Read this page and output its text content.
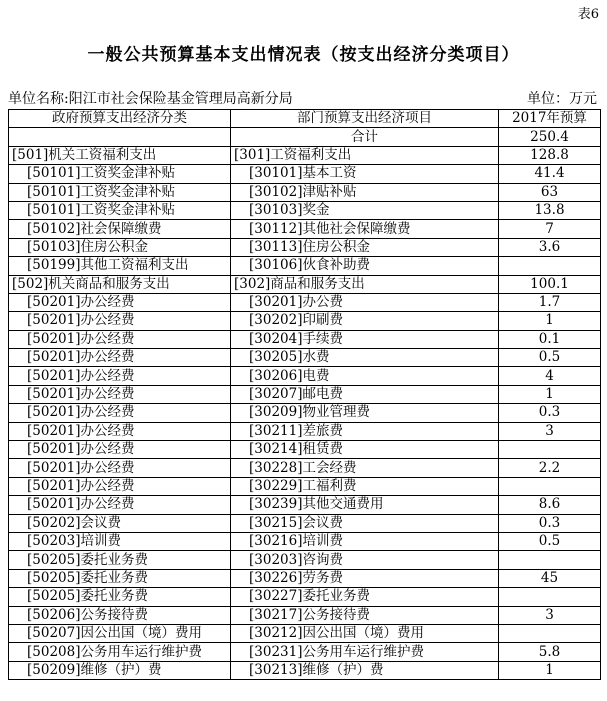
表6
一般公共预算基本支出情况表（按支出经济分类项目）
单位名称:阳江市社会保险基金管理局高新分局	单位：万元
政府预算支出经济分类	部门预算支出经济项目	2017年预算
	合计	250.4
[501]机关工资福利支出	[301]工资福利支出	128.8
[50101]工资奖金津补贴	[30101]基本工资	41.4
[50101]工资奖金津补贴	[30102]津贴补贴	63
[50101]工资奖金津补贴	[30103]奖金	13.8
[50102]社会保障缴费	[30112]其他社会保障缴费	7
[50103]住房公积金	[30113]住房公积金	3.6
[50199]其他工资福利支出	[30106]伙食补助费	
[502]机关商品和服务支出	[302]商品和服务支出	100.1
[50201]办公经费	[30201]办公费	1.7
[50201]办公经费	[30202]印刷费	1
[50201]办公经费	[30204]手续费	0.1
[50201]办公经费	[30205]水费	0.5
[50201]办公经费	[30206]电费	4
[50201]办公经费	[30207]邮电费	1
[50201]办公经费	[30209]物业管理费	0.3
[50201]办公经费	[30211]差旅费	3
[50201]办公经费	[30214]租赁费	
[50201]办公经费	[30228]工会经费	2.2
[50201]办公经费	[30229]工福利费	
[50201]办公经费	[30239]其他交通费用	8.6
[50202]会议费	[30215]会议费	0.3
[50203]培训费	[30216]培训费	0.5
[50205]委托业务费	[30203]咨询费	
[50205]委托业务费	[30226]劳务费	45
[50205]委托业务费	[30227]委托业务费	
[50206]公务接待费	[30217]公务接待费	3
[50207]因公出国（境）费用	[30212]因公出国（境）费用	
[50208]公务用车运行维护费	[30231]公务用车运行维护费	5.8
[50209]维修（护）费	[30213]维修（护）费	1
